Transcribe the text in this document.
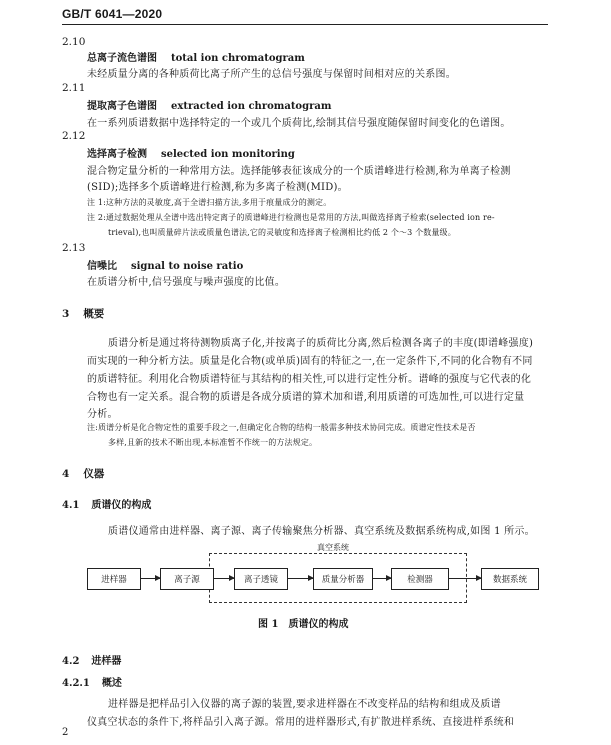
GB/T 6041—2020
2.10
总离子流色谱图 total ion chromatogram
未经质量分离的各种质荷比离子所产生的总信号强度与保留时间相对应的关系图。
2.11
提取离子色谱图 extracted ion chromatogram
在一系列质谱数据中选择特定的一个或几个质荷比,绘制其信号强度随保留时间变化的色谱图。
2.12
选择离子检测 selected ion monitoring
混合物定量分析的一种常用方法。选择能够表征该成分的一个质谱峰进行检测,称为单离子检测
(SID);选择多个质谱峰进行检测,称为多离子检测(MID)。
注 1:这种方法的灵敏度,高于全谱扫描方法,多用于痕量成分的测定。
注 2:通过数据处理从全谱中选出特定离子的质谱峰进行检测也是常用的方法,叫做选择离子检索(selected ion re-
trieval),也叫质量碎片法或质量色谱法,它的灵敏度和选择离子检测相比约低 2 个～3 个数量级。
2.13
信噪比 signal to noise ratio
在质谱分析中,信号强度与噪声强度的比值。
3 概要
质谱分析是通过将待测物质离子化,并按离子的质荷比分离,然后检测各离子的丰度(即谱峰强度)
而实现的一种分析方法。质量是化合物(或单质)固有的特征之一,在一定条件下,不同的化合物有不同
的质谱特征。利用化合物质谱特征与其结构的相关性,可以进行定性分析。谱峰的强度与它代表的化
合物也有一定关系。混合物的质谱是各成分质谱的算术加和谱,利用质谱的可选加性,可以进行定量
分析。
注:质谱分析是化合物定性的重要手段之一,但确定化合物的结构一般需多种技术协同完成。质谱定性技术是否
多样,且新的技术不断出现,本标准暂不作统一的方法规定。
4 仪器
4.1 质谱仪的构成
质谱仪通常由进样器、离子源、离子传输聚焦分析器、真空系统及数据系统构成,如图 1 所示。
真空系统
进样器	离子源	离子透镜	质量分析器	检测器	数据系统
图 1 质谱仪的构成
4.2 进样器
4.2.1 概述
进样器是把样品引入仪器的离子源的装置,要求进样器在不改变样品的结构和组成及质谱
仪真空状态的条件下,将样品引入离子源。常用的进样器形式,有扩散进样系统、直接进样系统和
2
